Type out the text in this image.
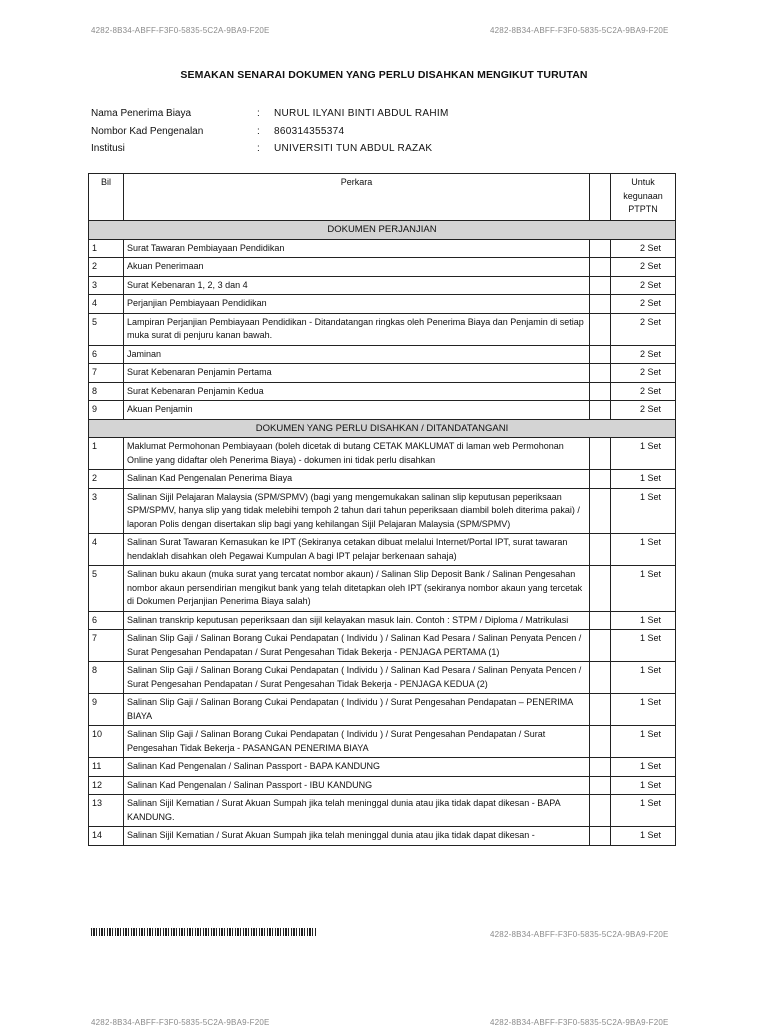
4282-8B34-ABFF-F3F0-5835-5C2A-9BA9-F20E	4282-8B34-ABFF-F3F0-5835-5C2A-9BA9-F20E
SEMAKAN SENARAI DOKUMEN YANG PERLU DISAHKAN MENGIKUT TURUTAN
Nama Penerima Biaya	:	NURUL ILYANI BINTI ABDUL RAHIM
Nombor Kad Pengenalan	:	860314355374
Institusi	:	UNIVERSITI TUN ABDUL RAZAK
Bil	Perkara		Untuk kegunaan PTPTN
DOKUMEN PERJANJIAN			
1	Surat Tawaran Pembiayaan Pendidikan		2 Set
2	Akuan Penerimaan		2 Set
3	Surat Kebenaran 1, 2, 3 dan 4		2 Set
4	Perjanjian Pembiayaan Pendidikan		2 Set
5	Lampiran Perjanjian Pembiayaan Pendidikan - Ditandatangan ringkas oleh Penerima Biaya dan Penjamin di setiap muka surat di penjuru kanan bawah.		2 Set
6	Jaminan		2 Set
7	Surat Kebenaran Penjamin Pertama		2 Set
8	Surat Kebenaran Penjamin Kedua		2 Set
9	Akuan Penjamin		2 Set
DOKUMEN YANG PERLU DISAHKAN / DITANDATANGANI			
1	Maklumat Permohonan Pembiayaan (boleh dicetak di butang CETAK MAKLUMAT di laman web Permohonan Online yang didaftar oleh Penerima Biaya) - dokumen ini tidak perlu disahkan		1 Set
2	Salinan Kad Pengenalan Penerima Biaya		1 Set
3	Salinan Sijil Pelajaran Malaysia (SPM/SPMV) (bagi yang mengemukakan salinan slip keputusan peperiksaan SPM/SPMV, hanya slip yang tidak melebihi tempoh 2 tahun dari tahun peperiksaan diambil boleh diterima pakai) / laporan Polis dengan disertakan slip bagi yang kehilangan Sijil Pelajaran Malaysia (SPM/SPMV)		1 Set
4	Salinan Surat Tawaran Kemasukan ke IPT (Sekiranya cetakan dibuat melalui Internet/Portal IPT, surat tawaran hendaklah disahkan oleh Pegawai Kumpulan A bagi IPT pelajar berkenaan sahaja)		1 Set
5	Salinan buku akaun (muka surat yang tercatat nombor akaun) / Salinan Slip Deposit Bank / Salinan Pengesahan nombor akaun persendirian mengikut bank yang telah ditetapkan oleh IPT (sekiranya nombor akaun yang tercetak di Dokumen Perjanjian Penerima Biaya salah)		1 Set
6	Salinan transkrip keputusan peperiksaan dan sijil kelayakan masuk lain. Contoh : STPM / Diploma / Matrikulasi		1 Set
7	Salinan Slip Gaji / Salinan Borang Cukai Pendapatan ( Individu ) / Salinan Kad Pesara / Salinan Penyata Pencen / Surat Pengesahan Pendapatan / Surat Pengesahan Tidak Bekerja - PENJAGA PERTAMA (1)		1 Set
8	Salinan Slip Gaji / Salinan Borang Cukai Pendapatan ( Individu ) / Salinan Kad Pesara / Salinan Penyata Pencen / Surat Pengesahan Pendapatan / Surat Pengesahan Tidak Bekerja - PENJAGA KEDUA (2)		1 Set
9	Salinan Slip Gaji / Salinan Borang Cukai Pendapatan ( Individu ) / Surat Pengesahan Pendapatan – PENERIMA BIAYA		1 Set
10	Salinan Slip Gaji / Salinan Borang Cukai Pendapatan ( Individu ) / Surat Pengesahan Pendapatan / Surat Pengesahan Tidak Bekerja - PASANGAN PENERIMA BIAYA		1 Set
11	Salinan Kad Pengenalan / Salinan Passport - BAPA KANDUNG		1 Set
12	Salinan Kad Pengenalan / Salinan Passport - IBU KANDUNG		1 Set
13	Salinan Sijil Kematian / Surat Akuan Sumpah jika telah meninggal dunia atau jika tidak dapat dikesan - BAPA KANDUNG.		1 Set
14	Salinan Sijil Kematian / Surat Akuan Sumpah jika telah meninggal dunia atau jika tidak dapat dikesan -		1 Set
4282-8B34-ABFF-F3F0-5835-5C2A-9BA9-F20E
4282-8B34-ABFF-F3F0-5835-5C2A-9BA9-F20E	4282-8B34-ABFF-F3F0-5835-5C2A-9BA9-F20E
